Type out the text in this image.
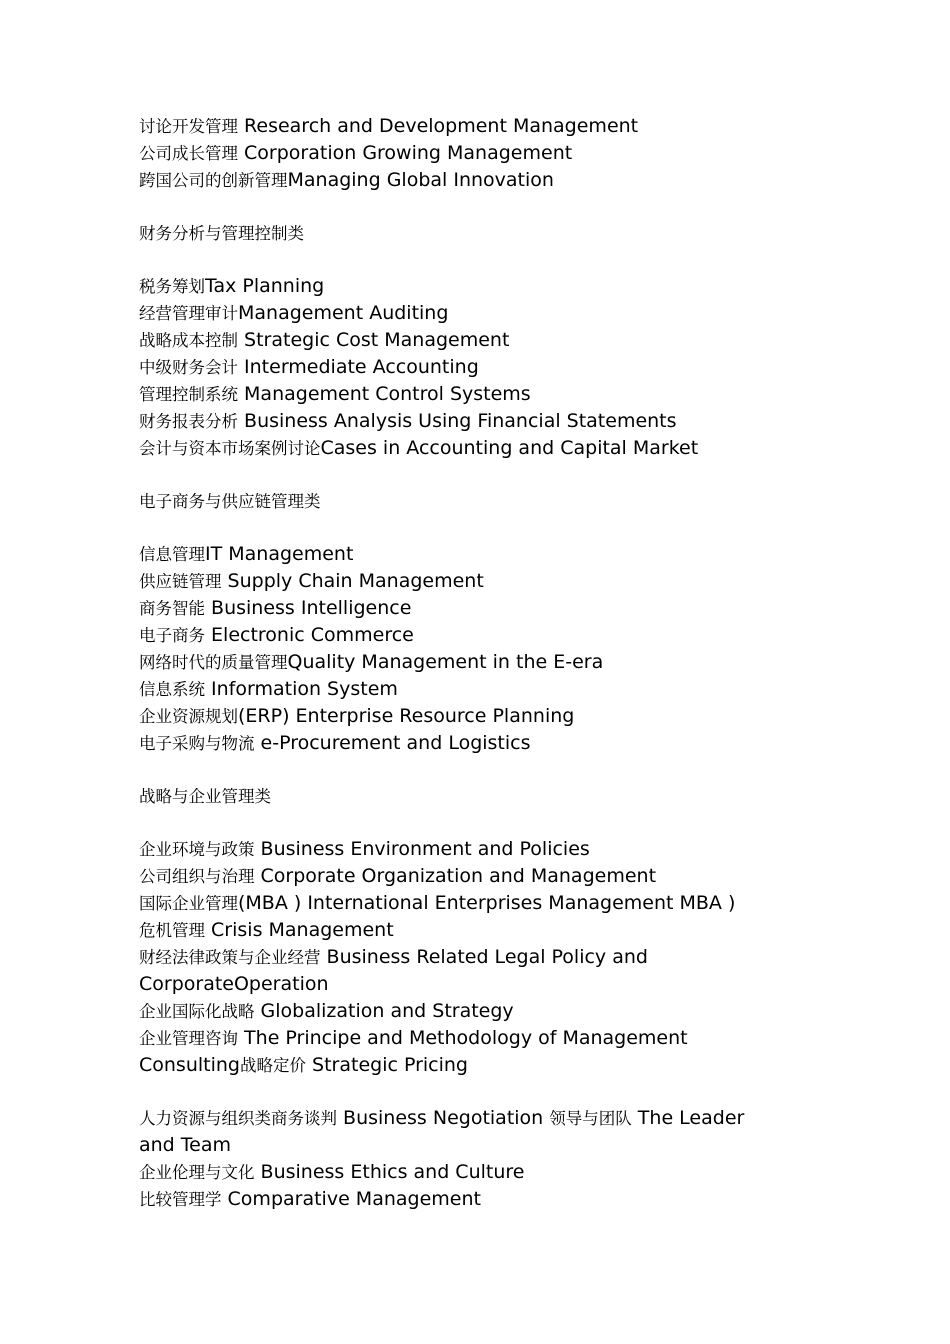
讨论开发管理 Research and Development Management
公司成长管理 Corporation Growing Management
跨国公司的创新管理Managing Global Innovation
财务分析与管理控制类
税务筹划Tax Planning
经营管理审计Management Auditing
战略成本控制 Strategic Cost Management
中级财务会计 Intermediate Accounting
管理控制系统 Management Control Systems
财务报表分析 Business Analysis Using Financial Statements
会计与资本市场案例讨论Cases in Accounting and Capital Market
电子商务与供应链管理类
信息管理IT Management
供应链管理 Supply Chain Management
商务智能 Business Intelligence
电子商务 Electronic Commerce
网络时代的质量管理Quality Management in the E-era
信息系统 Information System
企业资源规划(ERP) Enterprise Resource Planning
电子采购与物流 e-Procurement and Logistics
战略与企业管理类
企业环境与政策 Business Environment and Policies
公司组织与治理 Corporate Organization and Management
国际企业管理(MBA ) International Enterprises Management MBA )
危机管理 Crisis Management
财经法律政策与企业经营 Business Related Legal Policy and
CorporateOperation
企业国际化战略 Globalization and Strategy
企业管理咨询 The Principe and Methodology of Management
Consulting战略定价 Strategic Pricing
人力资源与组织类商务谈判 Business Negotiation 领导与团队 The Leader
and Team
企业伦理与文化 Business Ethics and Culture
比较管理学 Comparative Management
